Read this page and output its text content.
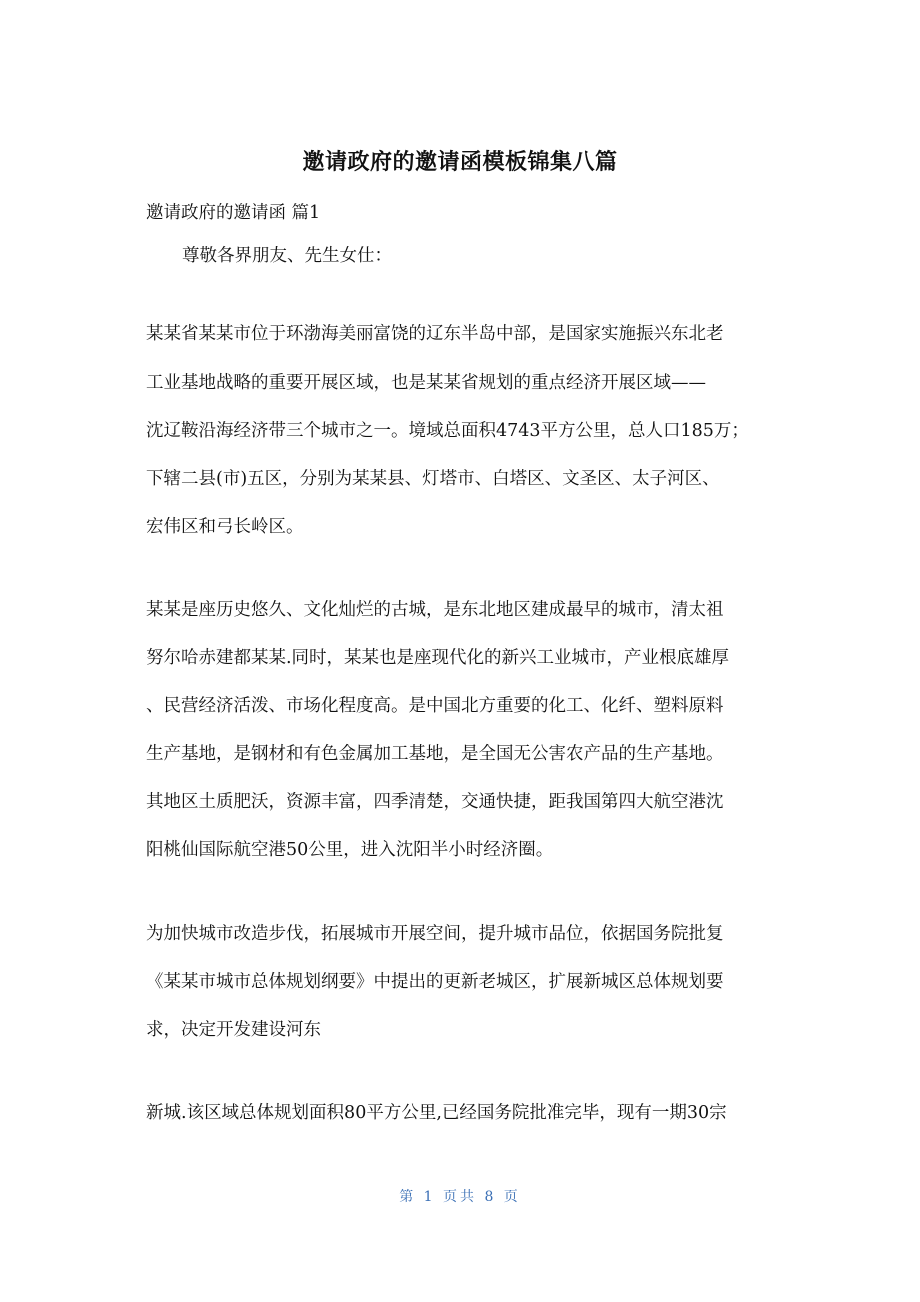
邀请政府的邀请函模板锦集八篇
邀请政府的邀请函 篇1
尊敬各界朋友、先生女仕：
某某省某某市位于环渤海美丽富饶的辽东半岛中部，是国家实施振兴东北老
工业基地战略的重要开展区域，也是某某省规划的重点经济开展区域——
沈辽鞍沿海经济带三个城市之一。境域总面积4743平方公里，总人口185万；
下辖二县(市)五区，分别为某某县、灯塔市、白塔区、文圣区、太子河区、
宏伟区和弓长岭区。
某某是座历史悠久、文化灿烂的古城，是东北地区建成最早的城市，清太祖
努尔哈赤建都某某.同时，某某也是座现代化的新兴工业城市，产业根底雄厚
、民营经济活泼、市场化程度高。是中国北方重要的化工、化纤、塑料原料
生产基地，是钢材和有色金属加工基地，是全国无公害农产品的生产基地。
其地区土质肥沃，资源丰富，四季清楚，交通快捷，距我国第四大航空港沈
阳桃仙国际航空港50公里，进入沈阳半小时经济圈。
为加快城市改造步伐，拓展城市开展空间，提升城市品位，依据国务院批复
《某某市城市总体规划纲要》中提出的更新老城区，扩展新城区总体规划要
求，决定开发建设河东
新城.该区域总体规划面积80平方公里,已经国务院批准完毕，现有一期30宗
第 1 页共 8 页
